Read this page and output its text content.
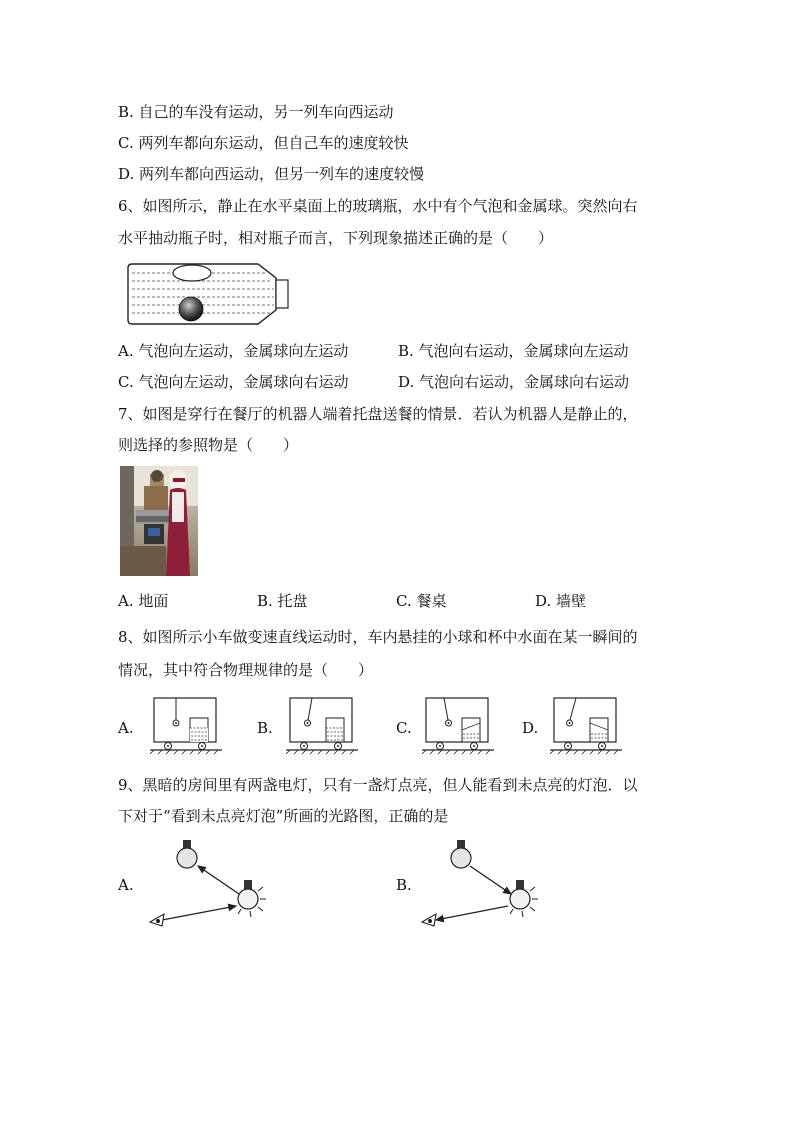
B. 自己的车没有运动，另一列车向西运动
C. 两列车都向东运动，但自己车的速度较快
D. 两列车都向西运动，但另一列车的速度较慢
6、如图所示，静止在水平桌面上的玻璃瓶，水中有个气泡和金属球。突然向右
水平抽动瓶子时，相对瓶子而言，下列现象描述正确的是（　　）
A. 气泡向左运动，金属球向左运动	B. 气泡向右运动，金属球向左运动
C. 气泡向左运动，金属球向右运动	D. 气泡向右运动，金属球向右运动
7、如图是穿行在餐厅的机器人端着托盘送餐的情景．若认为机器人是静止的，
则选择的参照物是（　　）
A. 地面	B. 托盘	C. 餐桌	D. 墙壁
8、如图所示小车做变速直线运动时，车内悬挂的小球和杯中水面在某一瞬间的
情况，其中符合物理规律的是（　　）
A.	B.	C.	D.
9、黑暗的房间里有两盏电灯，只有一盏灯点亮，但人能看到未点亮的灯泡．以
下对于“看到未点亮灯泡”所画的光路图，正确的是
A.	B.
